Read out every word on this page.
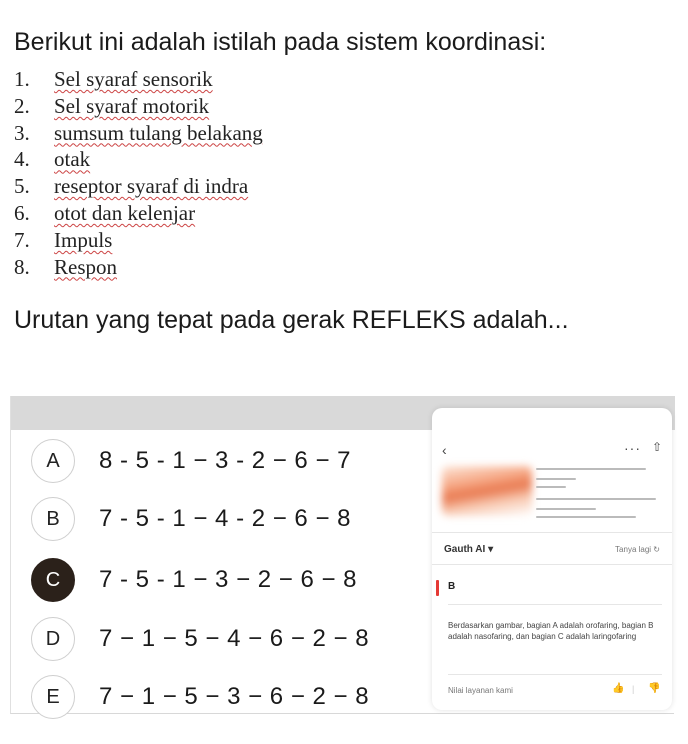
Berikut ini adalah istilah pada sistem koordinasi:
1. Sel syaraf sensorik
2. Sel syaraf motorik
3. sumsum tulang belakang
4. otak
5. reseptor syaraf di indra
6. otot dan kelenjar
7. Impuls
8. Respon
Urutan yang tepat pada gerak REFLEKS adalah...
A	8 - 5 - 1 − 3 - 2 − 6 − 7
B	7 - 5 - 1 − 4 - 2 − 6 − 8
C	7 - 5 - 1 − 3 − 2 − 6 − 8
D	7 − 1 − 5 − 4 − 6 − 2 − 8
E	7 − 1 − 5 − 3 − 6 − 2 − 8
‹	··· ⇧
Gauth AI ▾	Tanya lagi ↻
B
Berdasarkan gambar, bagian A adalah orofaring, bagian B adalah nasofaring, dan bagian C adalah laringofaring
Nilai layanan kami	👍 | 👎
